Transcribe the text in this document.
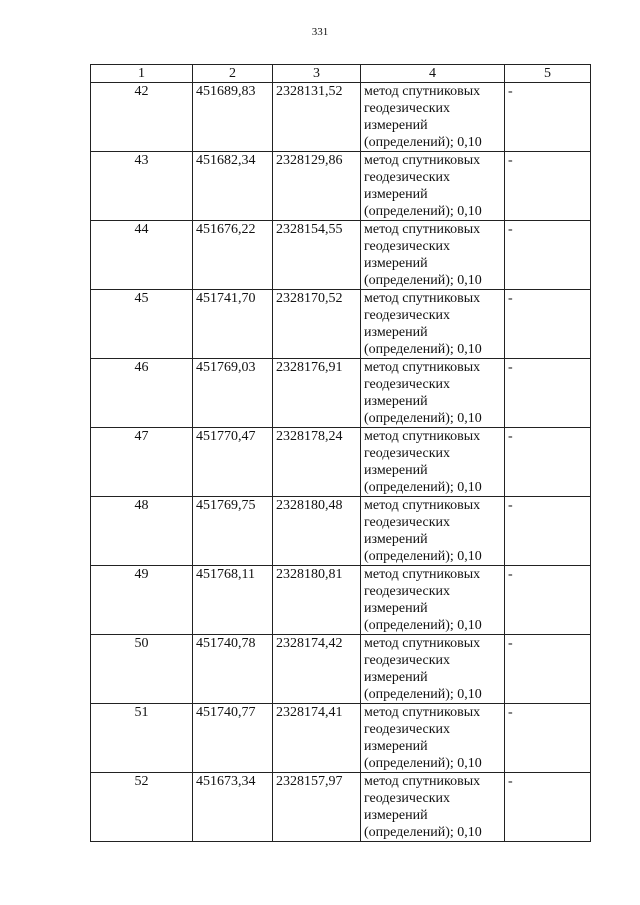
331
1	2	3	4	5
42	451689,83	2328131,52	метод спутниковых
геодезических
измерений
(определений); 0,10	-
43	451682,34	2328129,86	метод спутниковых
геодезических
измерений
(определений); 0,10	-
44	451676,22	2328154,55	метод спутниковых
геодезических
измерений
(определений); 0,10	-
45	451741,70	2328170,52	метод спутниковых
геодезических
измерений
(определений); 0,10	-
46	451769,03	2328176,91	метод спутниковых
геодезических
измерений
(определений); 0,10	-
47	451770,47	2328178,24	метод спутниковых
геодезических
измерений
(определений); 0,10	-
48	451769,75	2328180,48	метод спутниковых
геодезических
измерений
(определений); 0,10	-
49	451768,11	2328180,81	метод спутниковых
геодезических
измерений
(определений); 0,10	-
50	451740,78	2328174,42	метод спутниковых
геодезических
измерений
(определений); 0,10	-
51	451740,77	2328174,41	метод спутниковых
геодезических
измерений
(определений); 0,10	-
52	451673,34	2328157,97	метод спутниковых
геодезических
измерений
(определений); 0,10	-
